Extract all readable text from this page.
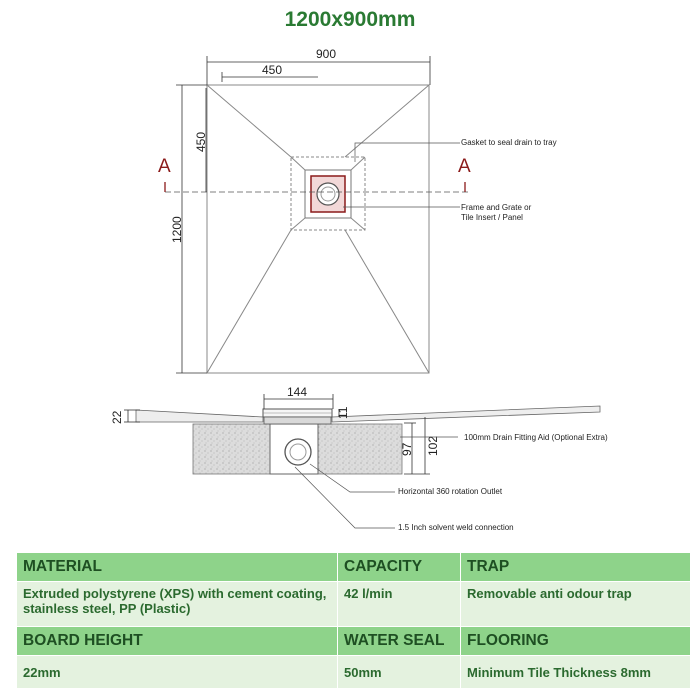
1200x900mm
A	A
900
450
1200
450	Gasket to seal drain to tray
Frame and Grate or
Tile Insert / Panel
144
22	11
97 102	100mm Drain Fitting Aid (Optional Extra)
Horizontal 360 rotation Outlet
1.5 Inch solvent weld connection
MATERIAL	CAPACITY	TRAP
Extruded polystyrene (XPS) with cement coating, stainless steel, PP (Plastic)	42 l/min	Removable anti odour trap
BOARD HEIGHT	WATER SEAL	FLOORING
22mm	50mm	Minimum Tile Thickness 8mm
